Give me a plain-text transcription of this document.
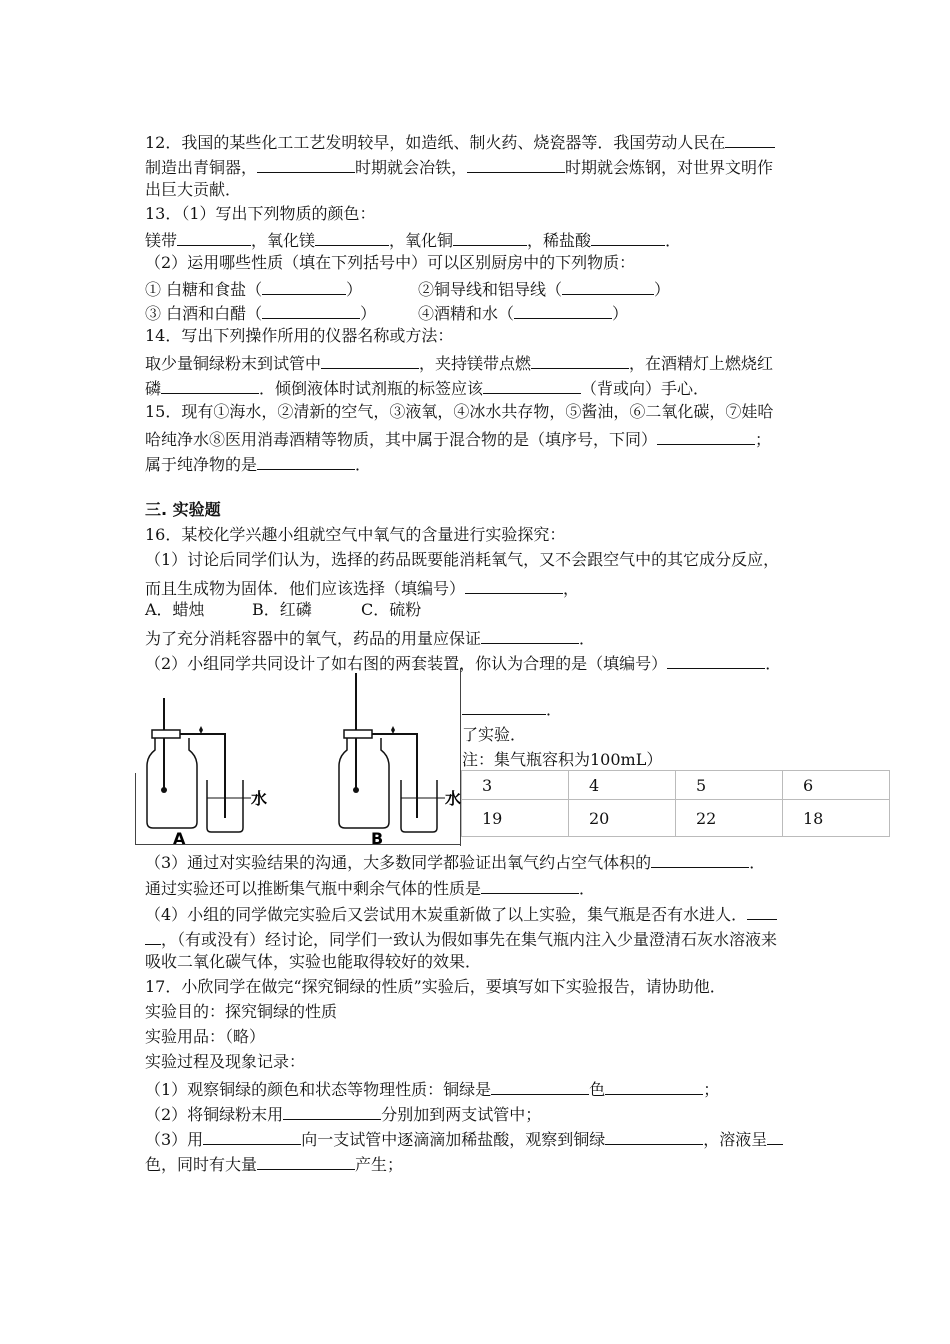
12．我国的某些化工工艺发明较早，如造纸、制火药、烧瓷器等．我国劳动人民在
制造出青铜器，	时期就会冶铁，	时期就会炼钢，对世界文明作
出巨大贡献．
13．（1）写出下列物质的颜色：
镁带	，氧化镁	，氧化铜	，稀盐酸	．
（2）运用哪些性质（填在下列括号中）可以区别厨房中的下列物质：
① 白糖和食盐（	）	②铜导线和铝导线（	）
③ 白酒和白醋（	）	④酒精和水（	）
14．写出下列操作所用的仪器名称或方法：
取少量铜绿粉末到试管中	，夹持镁带点燃	，在酒精灯上燃烧红
磷	．倾倒液体时试剂瓶的标签应该	（背或向）手心．
15．现有①海水，②清新的空气，③液氧，④冰水共存物，⑤酱油，⑥二氧化碳，⑦娃哈
哈纯净水⑧医用消毒酒精等物质，其中属于混合物的是（填序号，下同）	；
属于纯净物的是	．
三. 实验题
16．某校化学兴趣小组就空气中氧气的含量进行实验探究：
（1）讨论后同学们认为，选择的药品既要能消耗氧气，又不会跟空气中的其它成分反应，
而且生成物为固体．他们应该选择（填编号）	，
A．蜡烛	B．红磷	C．硫粉
为了充分消耗容器中的氧气，药品的用量应保证	．
（2）小组同学共同设计了如右图的两套装置，你认为合理的是（填编号）	．
．
了实验．
注：集气瓶容积为100mL）
水
A
水
B
3	4	5	6
19	20	22	18
（3）通过对实验结果的沟通，大多数同学都验证出氧气约占空气体积的	．
通过实验还可以推断集气瓶中剩余气体的性质是	．
（4）小组的同学做完实验后又尝试用木炭重新做了以上实验，集气瓶是否有水进人．
，（有或没有）经讨论，同学们一致认为假如事先在集气瓶内注入少量澄清石灰水溶液来
吸收二氧化碳气体，实验也能取得较好的效果．
17．小欣同学在做完“探究铜绿的性质”实验后，要填写如下实验报告，请协助他．
实验目的：探究铜绿的性质
实验用品：（略）
实验过程及现象记录：
（1）观察铜绿的颜色和状态等物理性质：铜绿是	色	；
（2）将铜绿粉末用	分别加到两支试管中；
（3）用	向一支试管中逐滴滴加稀盐酸，观察到铜绿	，溶液呈
色，同时有大量	产生；
